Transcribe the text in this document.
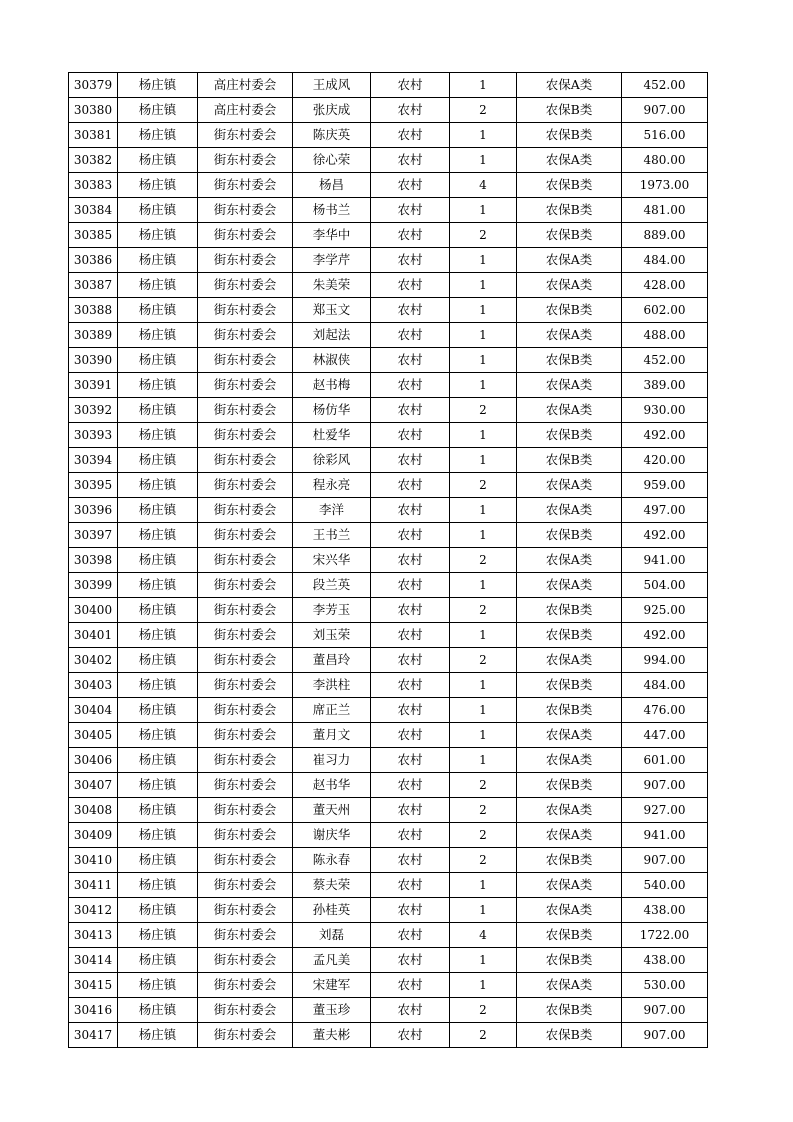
30379	杨庄镇	高庄村委会	王成风	农村	1	农保A类	452.00
30380	杨庄镇	高庄村委会	张庆成	农村	2	农保B类	907.00
30381	杨庄镇	街东村委会	陈庆英	农村	1	农保B类	516.00
30382	杨庄镇	街东村委会	徐心荣	农村	1	农保A类	480.00
30383	杨庄镇	街东村委会	杨昌	农村	4	农保B类	1973.00
30384	杨庄镇	街东村委会	杨书兰	农村	1	农保B类	481.00
30385	杨庄镇	街东村委会	李华中	农村	2	农保B类	889.00
30386	杨庄镇	街东村委会	李学芹	农村	1	农保A类	484.00
30387	杨庄镇	街东村委会	朱美荣	农村	1	农保A类	428.00
30388	杨庄镇	街东村委会	郑玉文	农村	1	农保B类	602.00
30389	杨庄镇	街东村委会	刘起法	农村	1	农保A类	488.00
30390	杨庄镇	街东村委会	林淑侠	农村	1	农保B类	452.00
30391	杨庄镇	街东村委会	赵书梅	农村	1	农保A类	389.00
30392	杨庄镇	街东村委会	杨仿华	农村	2	农保A类	930.00
30393	杨庄镇	街东村委会	杜爱华	农村	1	农保B类	492.00
30394	杨庄镇	街东村委会	徐彩风	农村	1	农保B类	420.00
30395	杨庄镇	街东村委会	程永亮	农村	2	农保A类	959.00
30396	杨庄镇	街东村委会	李洋	农村	1	农保A类	497.00
30397	杨庄镇	街东村委会	王书兰	农村	1	农保B类	492.00
30398	杨庄镇	街东村委会	宋兴华	农村	2	农保A类	941.00
30399	杨庄镇	街东村委会	段兰英	农村	1	农保A类	504.00
30400	杨庄镇	街东村委会	李芳玉	农村	2	农保B类	925.00
30401	杨庄镇	街东村委会	刘玉荣	农村	1	农保B类	492.00
30402	杨庄镇	街东村委会	董昌玲	农村	2	农保A类	994.00
30403	杨庄镇	街东村委会	李洪柱	农村	1	农保B类	484.00
30404	杨庄镇	街东村委会	席正兰	农村	1	农保B类	476.00
30405	杨庄镇	街东村委会	董月文	农村	1	农保A类	447.00
30406	杨庄镇	街东村委会	崔习力	农村	1	农保A类	601.00
30407	杨庄镇	街东村委会	赵书华	农村	2	农保B类	907.00
30408	杨庄镇	街东村委会	董天州	农村	2	农保A类	927.00
30409	杨庄镇	街东村委会	谢庆华	农村	2	农保A类	941.00
30410	杨庄镇	街东村委会	陈永春	农村	2	农保B类	907.00
30411	杨庄镇	街东村委会	蔡夫荣	农村	1	农保A类	540.00
30412	杨庄镇	街东村委会	孙桂英	农村	1	农保A类	438.00
30413	杨庄镇	街东村委会	刘磊	农村	4	农保B类	1722.00
30414	杨庄镇	街东村委会	孟凡美	农村	1	农保B类	438.00
30415	杨庄镇	街东村委会	宋建军	农村	1	农保A类	530.00
30416	杨庄镇	街东村委会	董玉珍	农村	2	农保B类	907.00
30417	杨庄镇	街东村委会	董夫彬	农村	2	农保B类	907.00
